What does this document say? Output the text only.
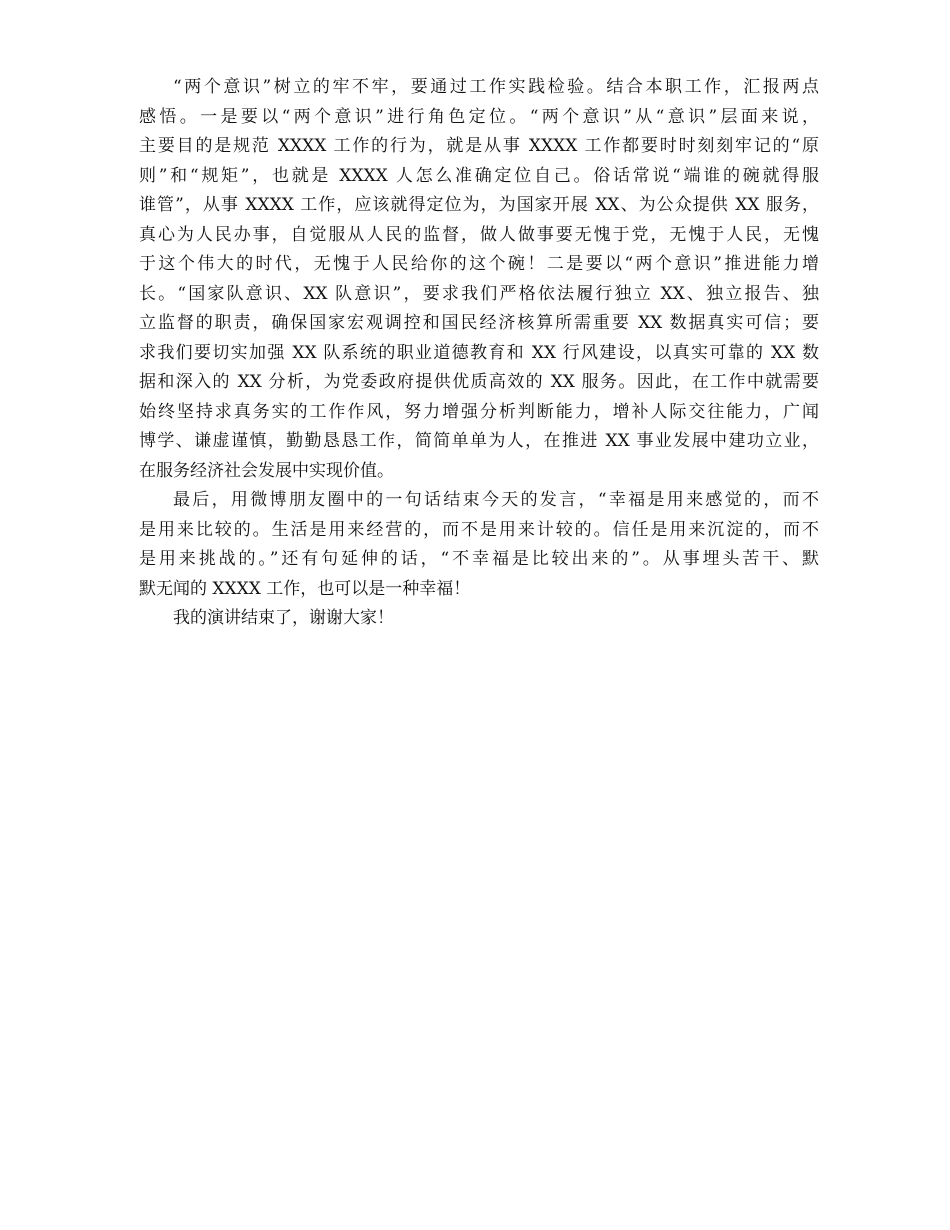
“两个意识”树立的牢不牢，要通过工作实践检验。结合本职工作，汇报两点
感悟。一是要以“两个意识”进行角色定位。“两个意识”从“意识”层面来说，
主要目的是规范 XXXX 工作的行为，就是从事 XXXX 工作都要时时刻刻牢记的“原
则”和“规矩”，也就是 XXXX 人怎么准确定位自己。俗话常说“端谁的碗就得服
谁管”，从事 XXXX 工作，应该就得定位为，为国家开展 XX、为公众提供 XX 服务，
真心为人民办事，自觉服从人民的监督，做人做事要无愧于党，无愧于人民，无愧
于这个伟大的时代，无愧于人民给你的这个碗！二是要以“两个意识”推进能力增
长。“国家队意识、XX 队意识”，要求我们严格依法履行独立 XX、独立报告、独
立监督的职责，确保国家宏观调控和国民经济核算所需重要 XX 数据真实可信；要
求我们要切实加强 XX 队系统的职业道德教育和 XX 行风建设，以真实可靠的 XX 数
据和深入的 XX 分析，为党委政府提供优质高效的 XX 服务。因此，在工作中就需要
始终坚持求真务实的工作作风，努力增强分析判断能力，增补人际交往能力，广闻
博学、谦虚谨慎，勤勤恳恳工作，简简单单为人，在推进 XX 事业发展中建功立业，
在服务经济社会发展中实现价值。
最后，用微博朋友圈中的一句话结束今天的发言，“幸福是用来感觉的，而不
是用来比较的。生活是用来经营的，而不是用来计较的。信任是用来沉淀的，而不
是用来挑战的。”还有句延伸的话，“不幸福是比较出来的”。从事埋头苦干、默
默无闻的 XXXX 工作，也可以是一种幸福！
我的演讲结束了，谢谢大家！
